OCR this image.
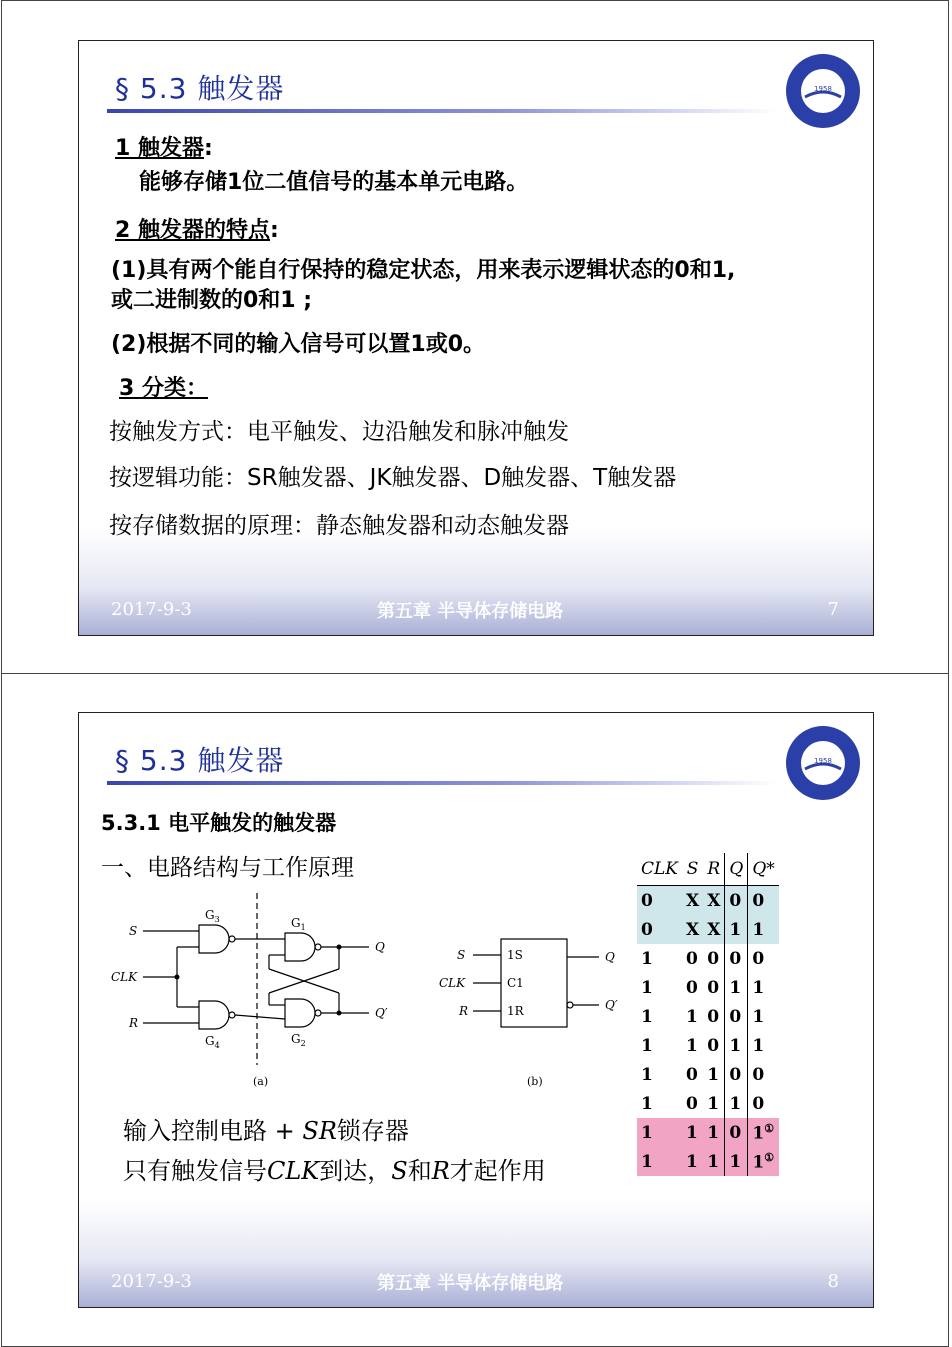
§ 5.3 触发器	1958
1 触发器:
能够存储1位二值信号的基本单元电路。
2 触发器的特点:
(1)具有两个能自行保持的稳定状态，用来表示逻辑状态的0和1,
或二进制数的0和1 ;
(2)根据不同的输入信号可以置1或0。
3 分类：
按触发方式：电平触发、边沿触发和脉冲触发
按逻辑功能：SR触发器、JK触发器、D触发器、T触发器
按存储数据的原理：静态触发器和动态触发器
2017-9-3	第五章 半导体存储电路	7
§ 5.3 触发器	1958
5.3.1 电平触发的触发器
一、电路结构与工作原理
S
CLK
R
Q
Q′
$G_3$	$G_1$
$G_2$
$G_4$
(a)
S
CLK
R
Q
Q′
1S
C1
1R
(b)
输入控制电路 + SR锁存器
只有触发信号CLK到达，S和R才起作用
CLK	S	R	Q	Q*
0	X	X	0	0
0	X	X	1	1
1	0	0	0	0
1	0	0	1	1
1	1	0	0	1
1	1	0	1	1
1	0	1	0	0
1	0	1	1	0
1	1	1	0	1①
1	1	1	1	1①
2017-9-3	第五章 半导体存储电路	8
